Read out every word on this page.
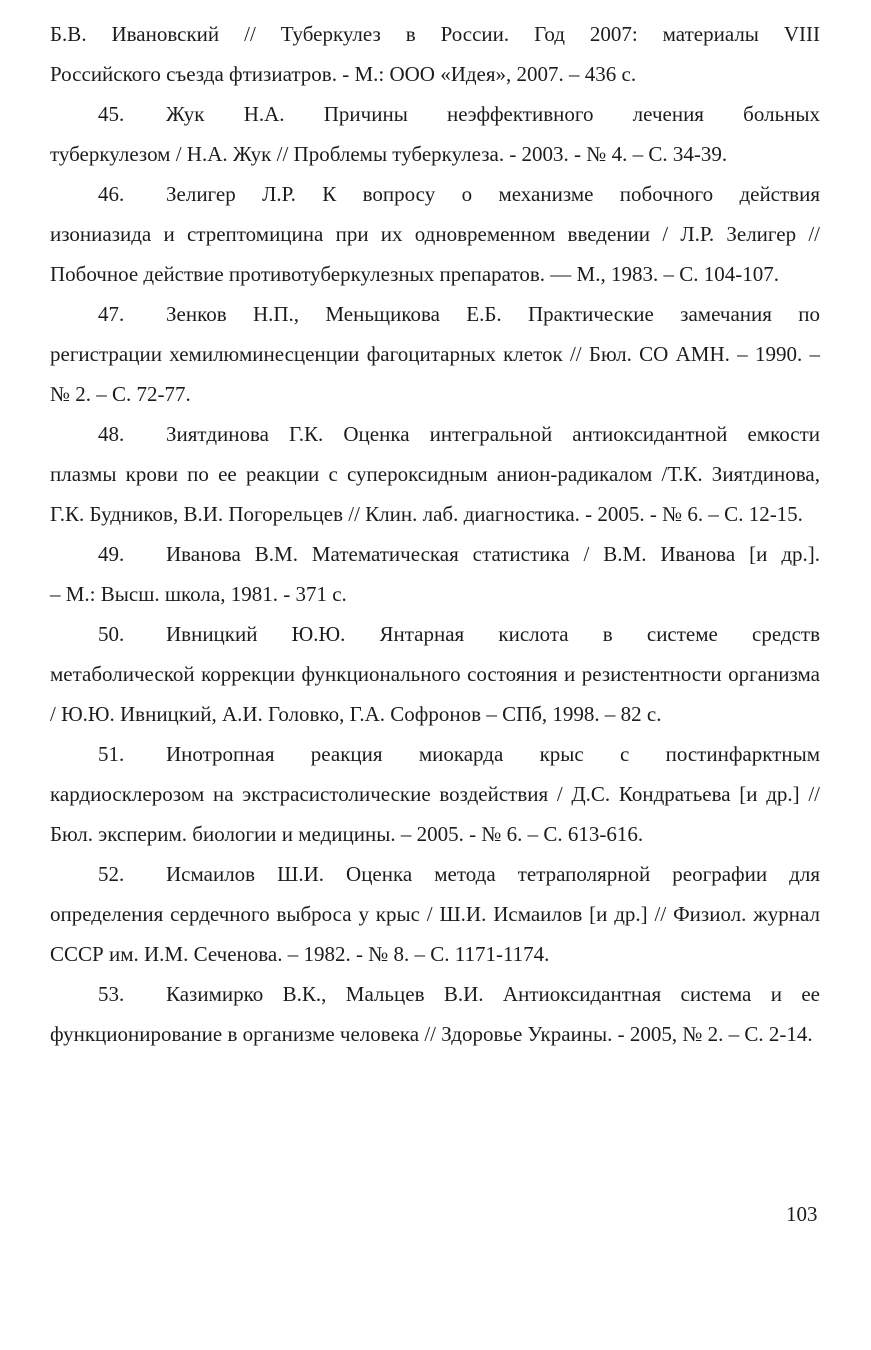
Б.В. Ивановский // Туберкулез в России. Год 2007: материалы VIII
Российского съезда фтизиатров. - М.: ООО «Идея», 2007. – 436 с.
45. Жук Н.А. Причины неэффективного лечения больных
туберкулезом / Н.А. Жук // Проблемы туберкулеза. - 2003. - № 4. – С. 34-39.
46. Зелигер Л.Р. К вопросу о механизме побочного действия
изониазида и стрептомицина при их одновременном введении / Л.Р. Зелигер // Побочное действие противотуберкулезных препаратов. — М., 1983. – С. 104-107.
47. Зенков Н.П., Меньщикова Е.Б. Практические замечания по
регистрации хемилюминесценции фагоцитарных клеток // Бюл. СО АМН. – 1990. – № 2. – С. 72-77.
48. Зиятдинова Г.К. Оценка интегральной антиоксидантной емкости
плазмы крови по ее реакции с супероксидным анион-радикалом /Т.К. Зиятдинова, Г.К. Будников, В.И. Погорельцев // Клин. лаб. диагностика. - 2005. - № 6. – С. 12-15.
49. Иванова В.М. Математическая статистика / В.М. Иванова [и др.].
– М.: Высш. школа, 1981. - 371 с.
50. Ивницкий Ю.Ю. Янтарная кислота в системе средств
метаболической коррекции функционального состояния и резистентности организма / Ю.Ю. Ивницкий, А.И. Головко, Г.А. Софронов – СПб, 1998. – 82 с.
51. Инотропная реакция миокарда крыс с постинфарктным
кардиосклерозом на экстрасистолические воздействия / Д.С. Кондратьева [и др.] // Бюл. эксперим. биологии и медицины. – 2005. - № 6. – С. 613-616.
52. Исмаилов Ш.И. Оценка метода тетраполярной реографии для
определения сердечного выброса у крыс / Ш.И. Исмаилов [и др.] // Физиол. журнал СССР им. И.М. Сеченова. – 1982. - № 8. – С. 1171-1174.
53. Казимирко В.К., Мальцев В.И. Антиоксидантная система и ее
функционирование в организме человека // Здоровье Украины. - 2005, № 2. – С. 2-14.
103
